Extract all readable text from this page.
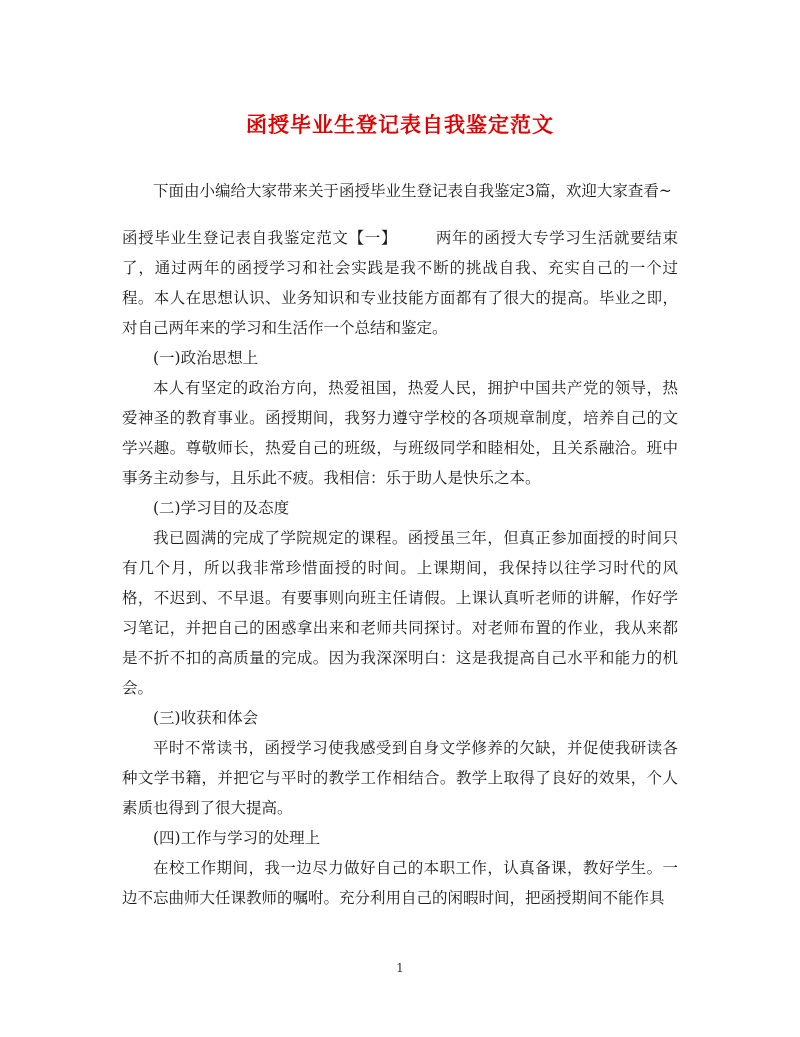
函授毕业生登记表自我鉴定范文

下面由小编给大家带来关于函授毕业生登记表自我鉴定3篇，欢迎大家查看~

函授毕业生登记表自我鉴定范文【一】 两年的函授大专学习生活就要结束了，通过两年的函授学习和社会实践是我不断的挑战自我、充实自己的一个过程。本人在思想认识、业务知识和专业技能方面都有了很大的提高。毕业之即，对自己两年来的学习和生活作一个总结和鉴定。

(一)政治思想上

本人有坚定的政治方向，热爱祖国，热爱人民，拥护中国共产党的领导，热爱神圣的教育事业。函授期间，我努力遵守学校的各项规章制度，培养自己的文学兴趣。尊敬师长，热爱自己的班级，与班级同学和睦相处，且关系融洽。班中事务主动参与，且乐此不疲。我相信：乐于助人是快乐之本。

(二)学习目的及态度

我已圆满的完成了学院规定的课程。函授虽三年，但真正参加面授的时间只有几个月，所以我非常珍惜面授的时间。上课期间，我保持以往学习时代的风格，不迟到、不早退。有要事则向班主任请假。上课认真听老师的讲解，作好学习笔记，并把自己的困惑拿出来和老师共同探讨。对老师布置的作业，我从来都是不折不扣的高质量的完成。因为我深深明白：这是我提高自己水平和能力的机会。

(三)收获和体会

平时不常读书，函授学习使我感受到自身文学修养的欠缺，并促使我研读各种文学书籍，并把它与平时的教学工作相结合。教学上取得了良好的效果，个人素质也得到了很大提高。

(四)工作与学习的处理上

在校工作期间，我一边尽力做好自己的本职工作，认真备课，教好学生。一边不忘曲师大任课教师的嘱咐。充分利用自己的闲暇时间，把函授期间不能作具

1
